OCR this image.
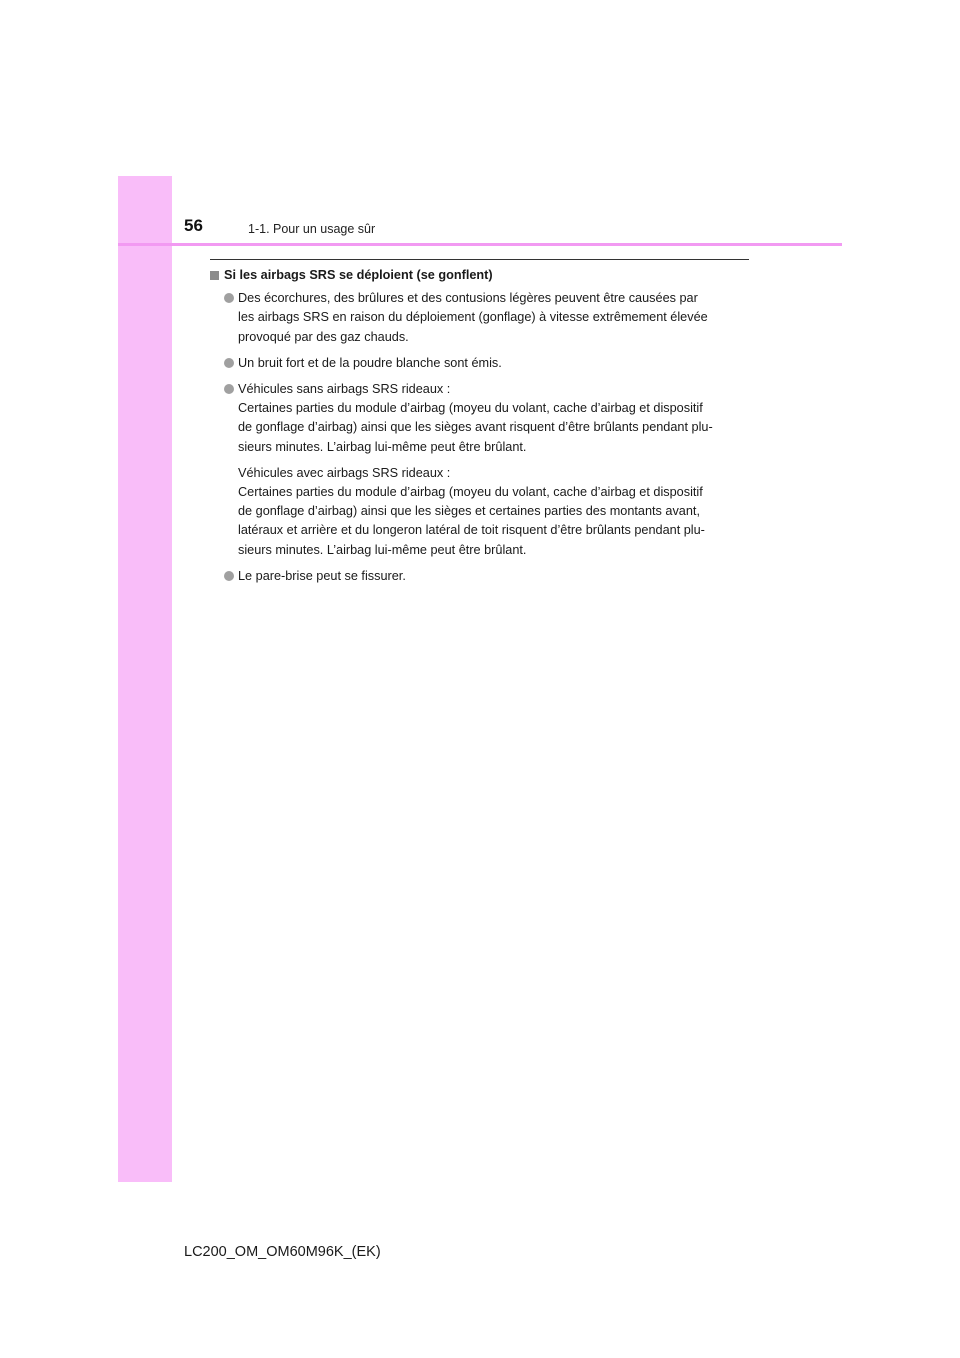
56	1-1. Pour un usage sûr
Si les airbags SRS se déploient (se gonflent)
Des écorchures, des brûlures et des contusions légères peuvent être causées par
les airbags SRS en raison du déploiement (gonflage) à vitesse extrêmement élevée
provoqué par des gaz chauds.
Un bruit fort et de la poudre blanche sont émis.
Véhicules sans airbags SRS rideaux :
Certaines parties du module d’airbag (moyeu du volant, cache d’airbag et dispositif
de gonflage d’airbag) ainsi que les sièges avant risquent d’être brûlants pendant plu-
sieurs minutes. L’airbag lui-même peut être brûlant.
Véhicules avec airbags SRS rideaux :
Certaines parties du module d’airbag (moyeu du volant, cache d’airbag et dispositif
de gonflage d’airbag) ainsi que les sièges et certaines parties des montants avant,
latéraux et arrière et du longeron latéral de toit risquent d’être brûlants pendant plu-
sieurs minutes. L’airbag lui-même peut être brûlant.
Le pare-brise peut se fissurer.
LC200_OM_OM60M96K_(EK)
